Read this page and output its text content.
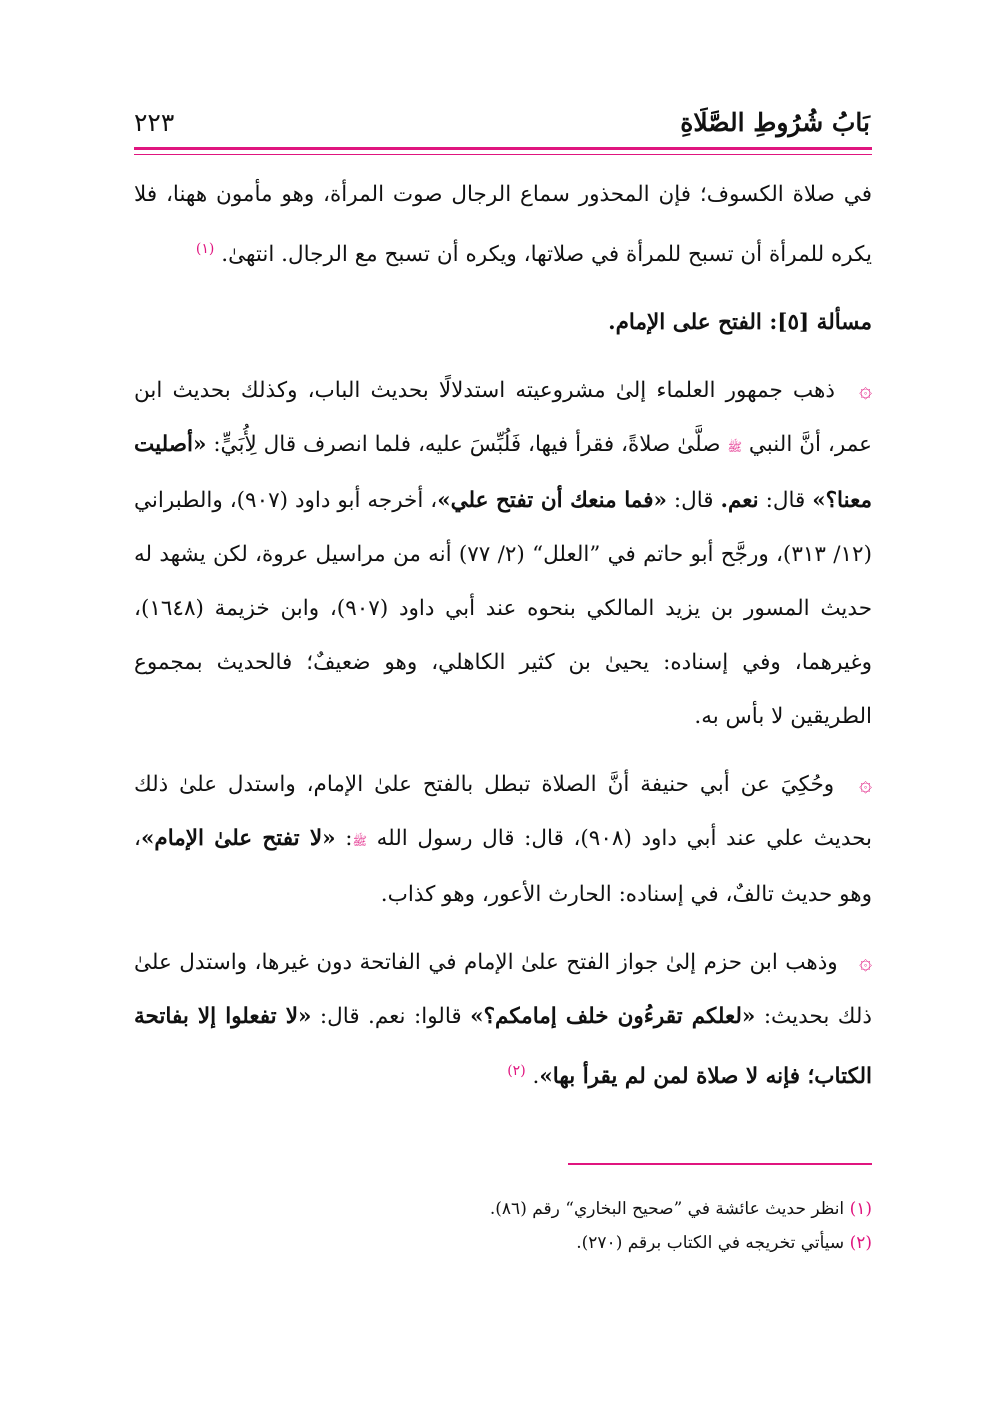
بَابُ شُرُوطِ الصَّلَاةِ
٢٢٣

في صلاة الكسوف؛ فإن المحذور سماع الرجال صوت المرأة، وهو مأمون ههنا، فلا يكره للمرأة أن تسبح للمرأة في صلاتها، ويكره أن تسبح مع الرجال. انتهىٰ. $^{(١)}$

مسألة [٥]: الفتح على الإمام.

۞ ذهب جمهور العلماء إلىٰ مشروعيته استدلالًا بحديث الباب، وكذلك بحديث ابن عمر، أنَّ النبي ﷺ صلَّىٰ صلاةً، فقرأ فيها، فَلُبِّسَ عليه، فلما انصرف قال لِأُبَيٍّ: «أصليت معنا؟» قال: نعم. قال: «فما منعك أن تفتح علي»، أخرجه أبو داود (٩٠٧)، والطبراني (١٢/ ٣١٣)، ورجَّح أبو حاتم في ”العلل“ (٢/ ٧٧) أنه من مراسيل عروة، لكن يشهد له حديث المسور بن يزيد المالكي بنحوه عند أبي داود (٩٠٧)، وابن خزيمة (١٦٤٨)، وغيرهما، وفي إسناده: يحيىٰ بن كثير الكاهلي، وهو ضعيفٌ؛ فالحديث بمجموع الطريقين لا بأس به.

۞ وحُكِيَ عن أبي حنيفة أنَّ الصلاة تبطل بالفتح علىٰ الإمام، واستدل علىٰ ذلك بحديث علي عند أبي داود (٩٠٨)، قال: قال رسول الله ﷺ: «لا تفتح علىٰ الإمام»، وهو حديث تالفٌ، في إسناده: الحارث الأعور، وهو كذاب.

۞ وذهب ابن حزم إلىٰ جواز الفتح علىٰ الإمام في الفاتحة دون غيرها، واستدل علىٰ ذلك بحديث: «لعلكم تقرءُون خلف إمامكم؟» قالوا: نعم. قال: «لا تفعلوا إلا بفاتحة الكتاب؛ فإنه لا صلاة لمن لم يقرأ بها». $^{(٢)}$

(١) انظر حديث عائشة في ”صحيح البخاري“ رقم (٨٦).

(٢) سيأتي تخريجه في الكتاب برقم (٢٧٠).
